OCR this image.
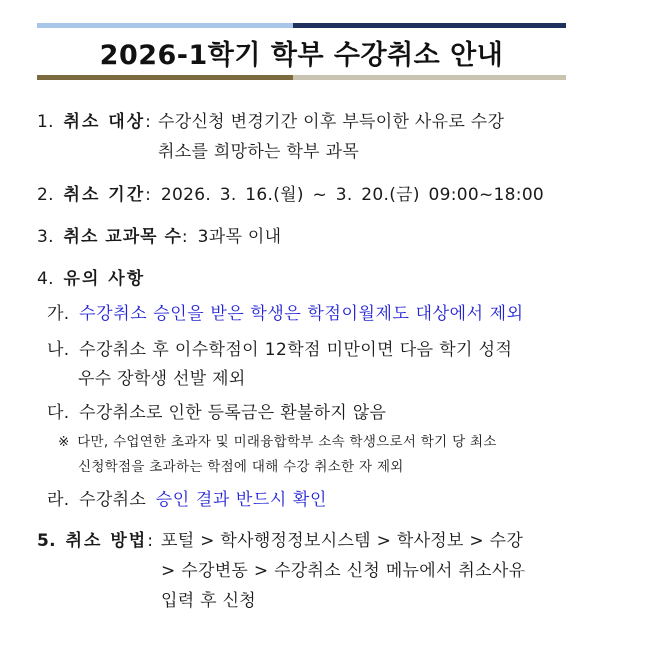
2026-1학기 학부 수강취소 안내
1. 취소 대상: 수강신청 변경기간 이후 부득이한 사유로 수강
취소를 희망하는 학부 과목
2. 취소 기간: 2026. 3. 16.(월) ~ 3. 20.(금) 09:00~18:00
3. 취소 교과목 수: 3과목 이내
4. 유의 사항
가. 수강취소 승인을 받은 학생은 학점이월제도 대상에서 제외
나. 수강취소 후 이수학점이 12학점 미만이면 다음 학기 성적
우수 장학생 선발 제외
다. 수강취소로 인한 등록금은 환불하지 않음
※ 다만, 수업연한 초과자 및 미래융합학부 소속 학생으로서 학기 당 최소
신청학점을 초과하는 학점에 대해 수강 취소한 자 제외
라. 수강취소 승인 결과 반드시 확인
5. 취소 방법: 포털 > 학사행정정보시스템 > 학사정보 > 수강
> 수강변동 > 수강취소 신청 메뉴에서 취소사유
입력 후 신청
